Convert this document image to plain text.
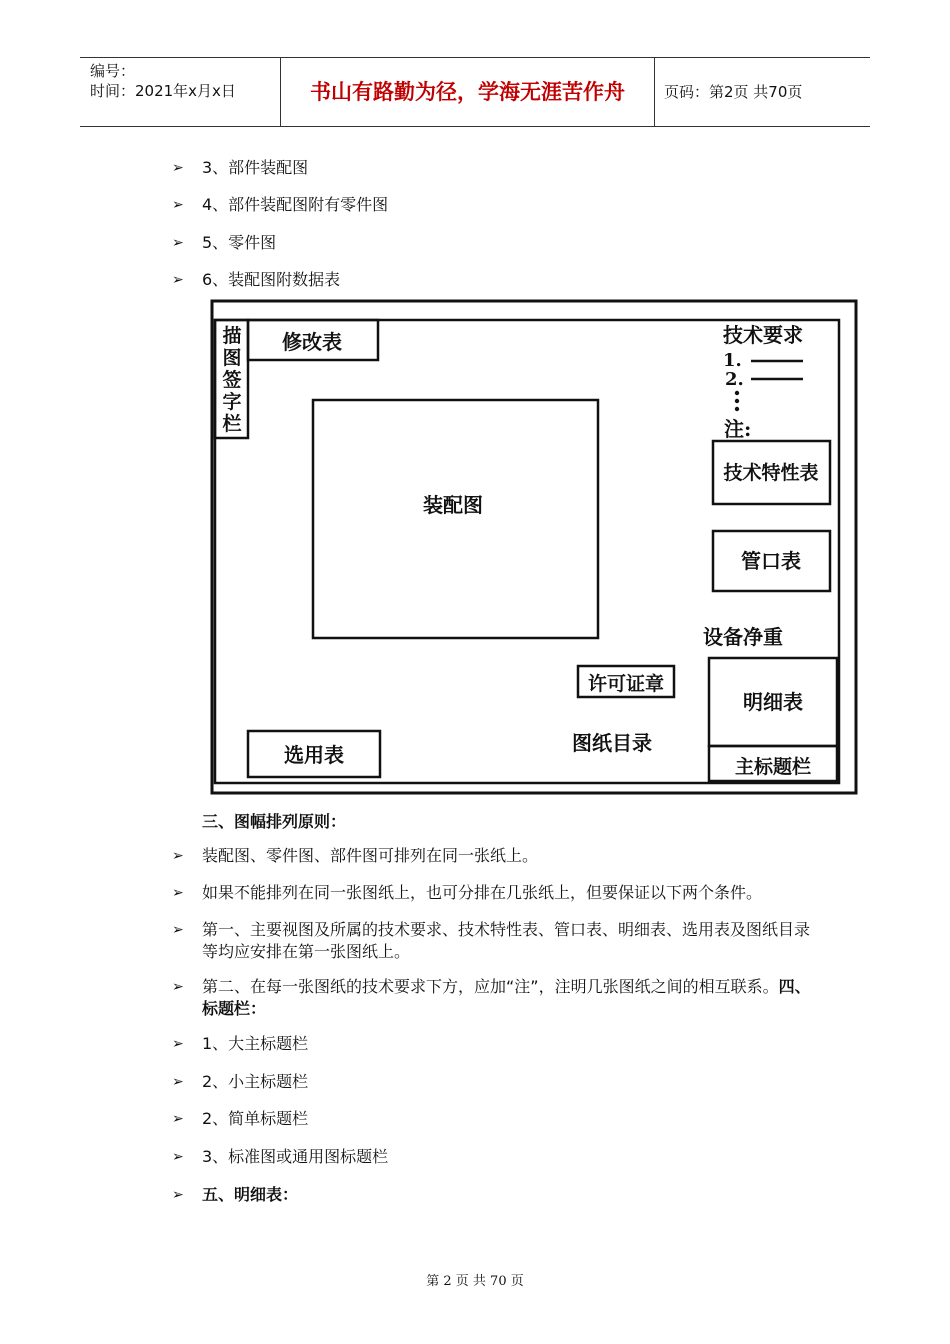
编号：
时间：2021年x月x日	书山有路勤为径，学海无涯苦作舟	页码：第2页 共70页
➢ 3、部件装配图
➢ 4、部件装配图附有零件图
➢ 5、零件图
➢ 6、装配图附数据表
描图签字栏
修改表
装配图
技术要求
1.
2.
注:
技术特性表
管口表
设备净重
许可证章
明细表
主标题栏
选用表	图纸目录
三、图幅排列原则：
➢ 装配图、零件图、部件图可排列在同一张纸上。
➢ 如果不能排列在同一张图纸上，也可分排在几张纸上，但要保证以下两个条件。
➢ 第一、主要视图及所属的技术要求、技术特性表、管口表、明细表、选用表及图纸目录等均应安排在第一张图纸上。
➢ 第二、在每一张图纸的技术要求下方，应加“注”，注明几张图纸之间的相互联系。四、标题栏：
➢ 1、大主标题栏
➢ 2、小主标题栏
➢ 2、简单标题栏
➢ 3、标准图或通用图标题栏
➢ 五、明细表：
第 2 页 共 70 页
